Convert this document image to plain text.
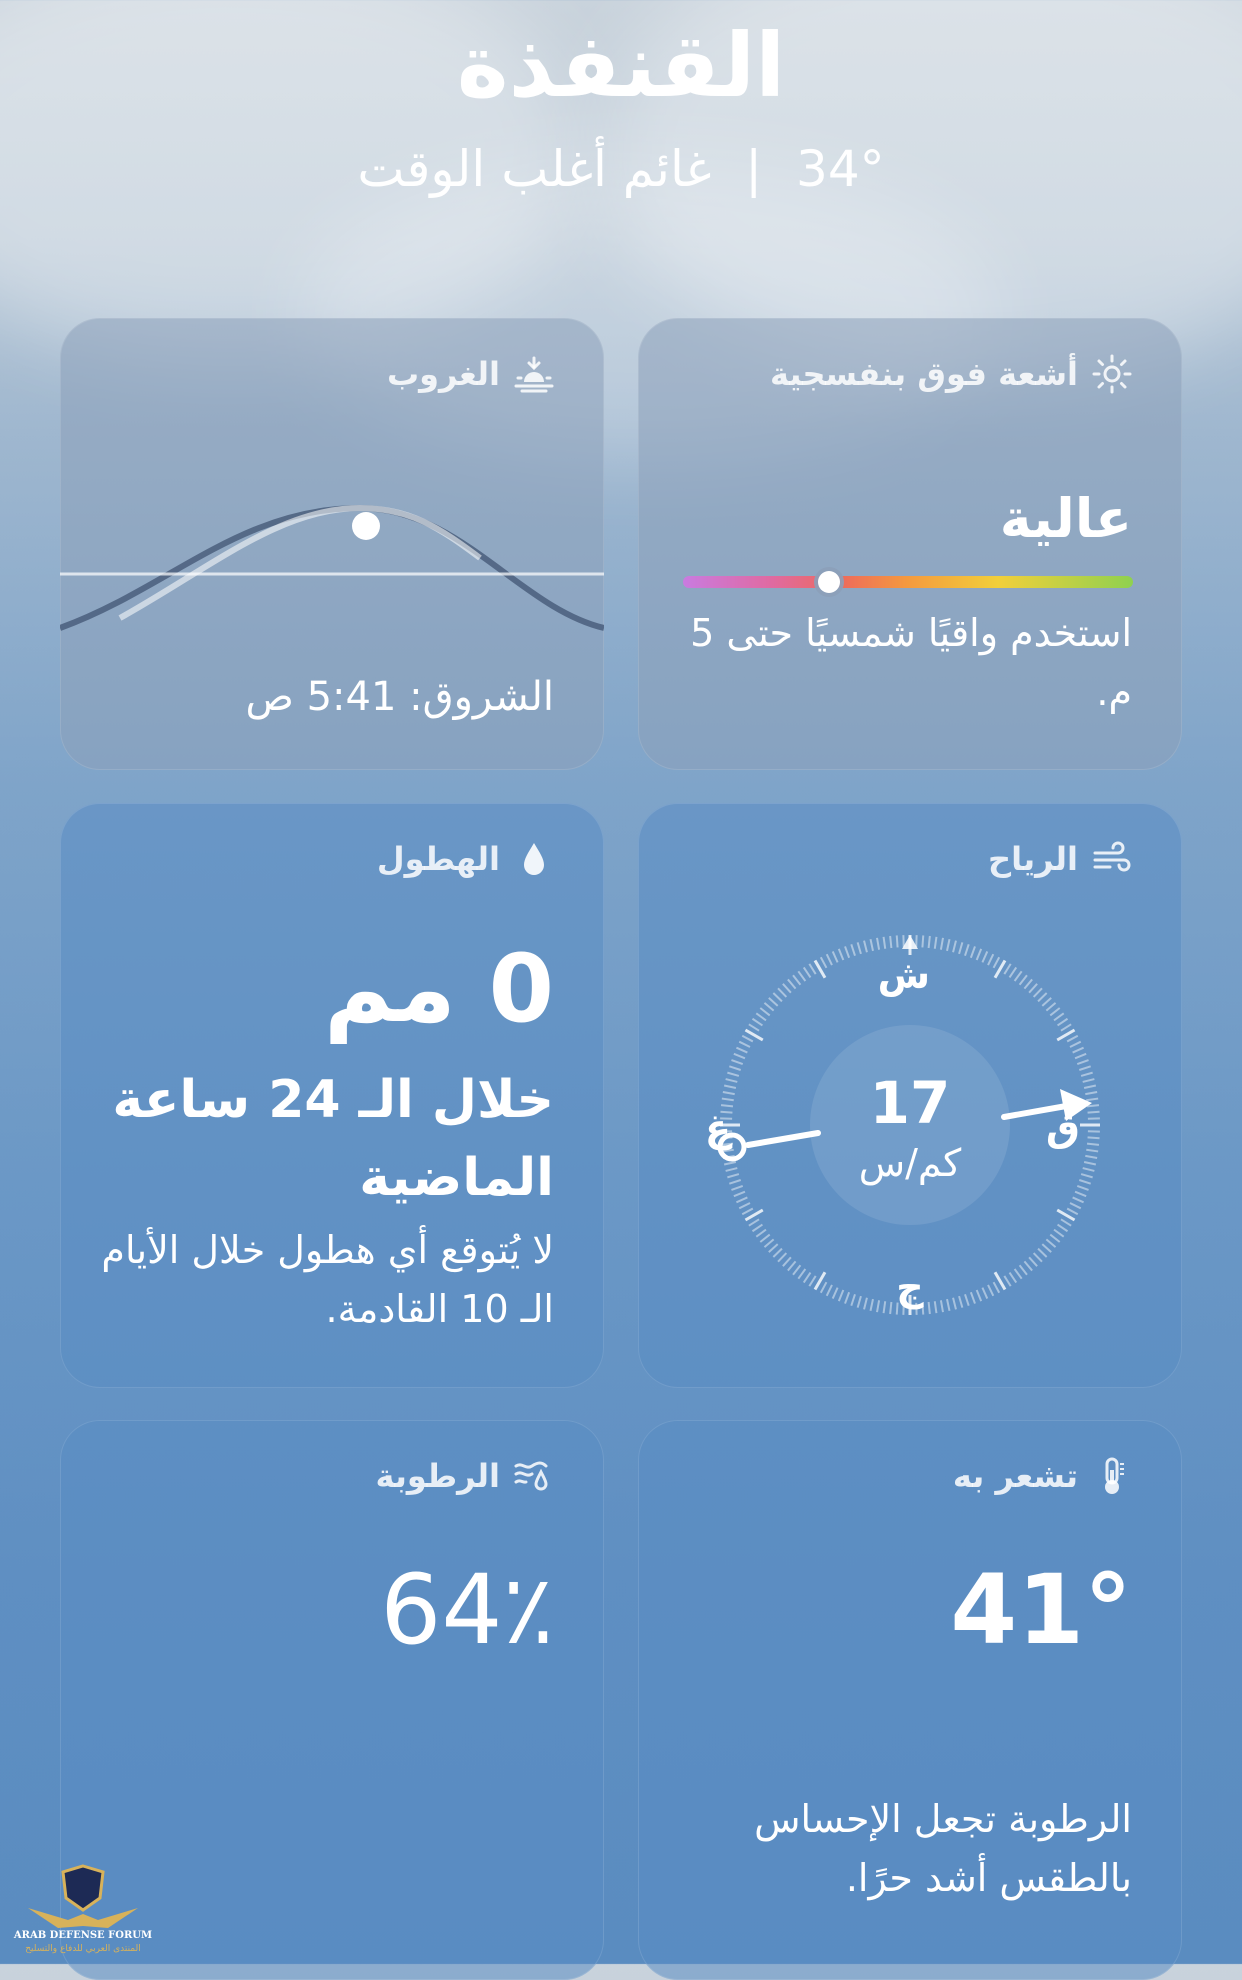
القنفذة
34° | غائم أغلب الوقت
أشعة فوق بنفسجية
عالية
استخدم واقيًا شمسيًا حتى 5 م.
الغروب
الشروق: 5:41 ص
الرياح
ش
ج
ق
غ	17
كم/س
الهطول
0 مم
خلال الـ 24 ساعة الماضية
لا يُتوقع أي هطول خلال الأيام الـ 10 القادمة.
تشعر به
41°
الرطوبة تجعل الإحساس بالطقس أشد حرًا.
الرطوبة
64٪
ARAB DEFENSE FORUM
المنتدى العربي للدفاع والتسليح
